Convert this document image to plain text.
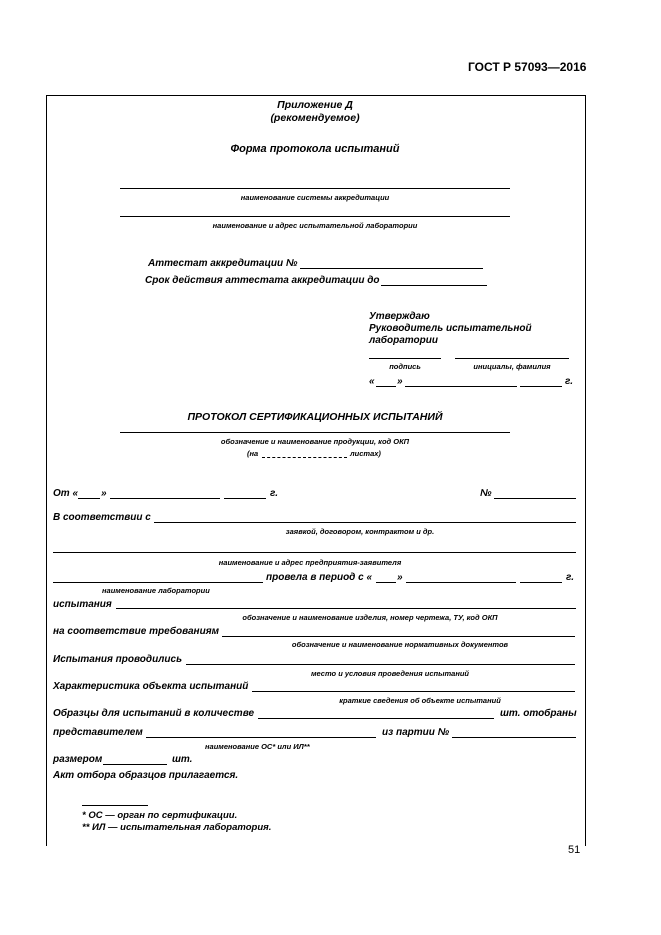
ГОСТ Р 57093—2016
Приложение Д
(рекомендуемое)
Форма протокола испытаний
наименование системы аккредитации
наименование и адрес испытательной лаборатории
Аттестат аккредитации №
Срок действия аттестата аккредитации до
Утверждаю
Руководитель испытательной
лаборатории
подпись	инициалы, фамилия
« »	г.
ПРОТОКОЛ СЕРТИФИКАЦИОННЫХ ИСПЫТАНИЙ
обозначение и наименование продукции, код ОКП
(на	листах)
От « »	г.	№
В соответствии с
заявкой, договором, контрактом и др.
наименование и адрес предприятия-заявителя
провела в период с « »	г.
наименование лаборатории
испытания
обозначение и наименование изделия, номер чертежа, ТУ, код ОКП
на соответствие требованиям
обозначение и наименование нормативных документов
Испытания проводились
место и условия проведения испытаний
Характеристика объекта испытаний
краткие сведения об объекте испытаний
Образцы для испытаний в количестве	шт. отобраны
представителем	из партии №
наименование ОС* или ИЛ**
размером	шт.
Акт отбора образцов прилагается.
* ОС — орган по сертификации.
** ИЛ — испытательная лаборатория.
51
